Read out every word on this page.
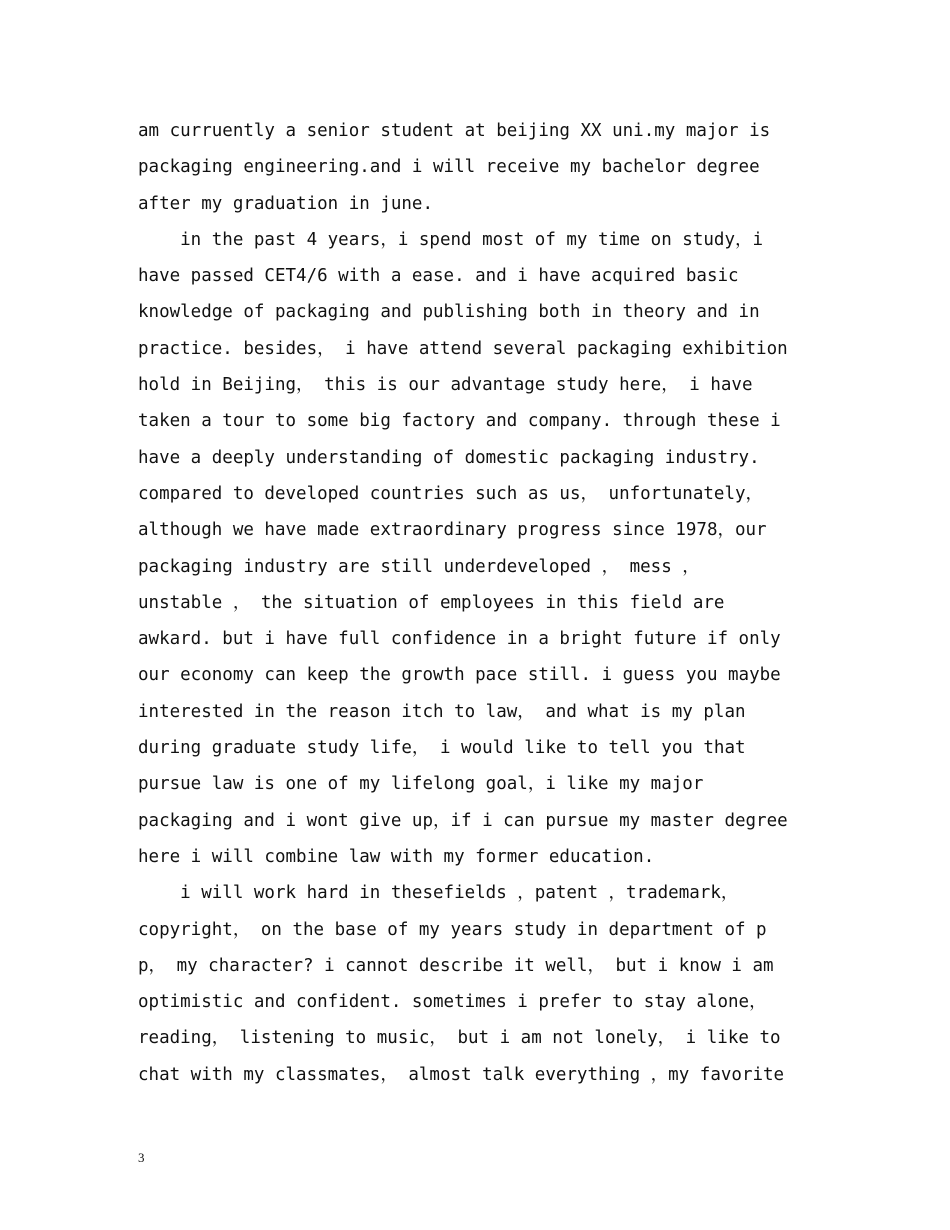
am curruently a senior student at beijing XX uni.my major is
packaging engineering.and i will receive my bachelor degree
after my graduation in june.
in the past 4 years，i spend most of my time on study，i
have passed CET4/6 with a ease. and i have acquired basic
knowledge of packaging and publishing both in theory and in
practice. besides， i have attend several packaging exhibition
hold in Beijing， this is our advantage study here， i have
taken a tour to some big factory and company. through these i
have a deeply understanding of domestic packaging industry.
compared to developed countries such as us， unfortunately，
although we have made extraordinary progress since 1978，our
packaging industry are still underdeveloped ， mess ，
unstable ， the situation of employees in this field are
awkard. but i have full confidence in a bright future if only
our economy can keep the growth pace still. i guess you maybe
interested in the reason itch to law， and what is my plan
during graduate study life， i would like to tell you that
pursue law is one of my lifelong goal，i like my major
packaging and i wont give up，if i can pursue my master degree
here i will combine law with my former education.
i will work hard in thesefields ，patent ，trademark，
copyright， on the base of my years study in department of p
p， my character? i cannot describe it well， but i know i am
optimistic and confident. sometimes i prefer to stay alone，
reading， listening to music， but i am not lonely， i like to
chat with my classmates， almost talk everything ，my favorite
3
